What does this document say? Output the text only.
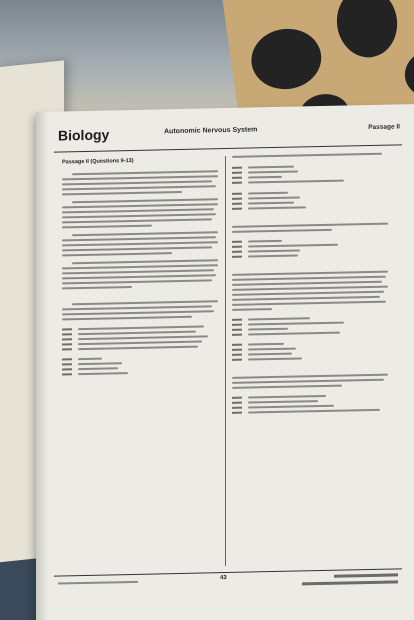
Biology	Autonomic Nervous System	Passage II
Passage II (Questions 9-13)
43
